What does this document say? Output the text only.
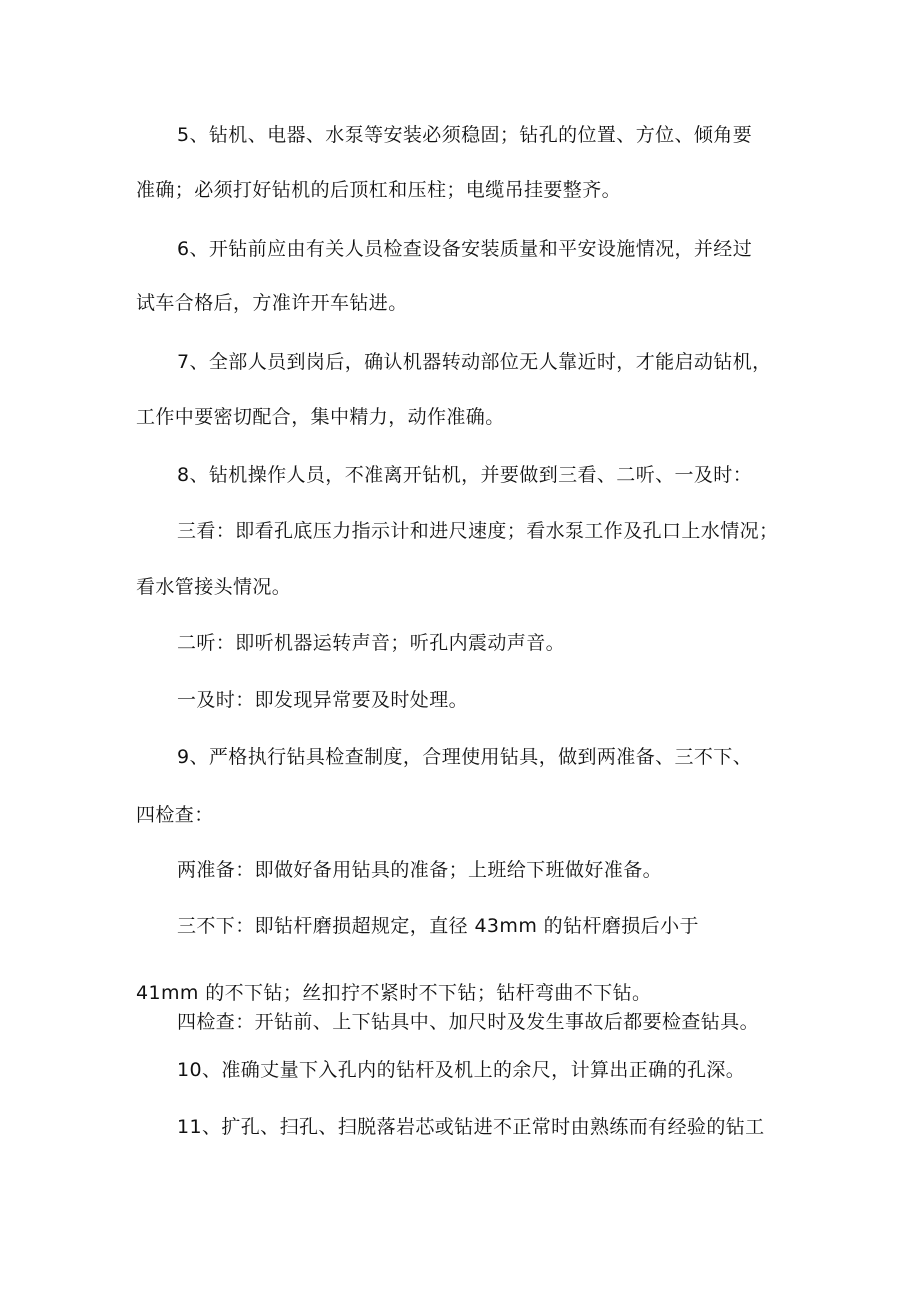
5、钻机、电器、水泵等安装必须稳固；钻孔的位置、方位、倾角要
准确；必须打好钻机的后顶杠和压柱；电缆吊挂要整齐。
6、开钻前应由有关人员检查设备安装质量和平安设施情况，并经过
试车合格后，方准许开车钻进。
7、全部人员到岗后，确认机器转动部位无人靠近时，才能启动钻机，
工作中要密切配合，集中精力，动作准确。
8、钻机操作人员，不准离开钻机，并要做到三看、二听、一及时：
三看：即看孔底压力指示计和进尺速度；看水泵工作及孔口上水情况；
看水管接头情况。
二听：即听机器运转声音；听孔内震动声音。
一及时：即发现异常要及时处理。
9、严格执行钻具检查制度，合理使用钻具，做到两准备、三不下、
四检查：
两准备：即做好备用钻具的准备；上班给下班做好准备。
三不下：即钻杆磨损超规定，直径 43mm 的钻杆磨损后小于
41mm 的不下钻；丝扣拧不紧时不下钻；钻杆弯曲不下钻。
四检查：开钻前、上下钻具中、加尺时及发生事故后都要检查钻具。
10、准确丈量下入孔内的钻杆及机上的余尺，计算出正确的孔深。
11、扩孔、扫孔、扫脱落岩芯或钻进不正常时由熟练而有经验的钻工
